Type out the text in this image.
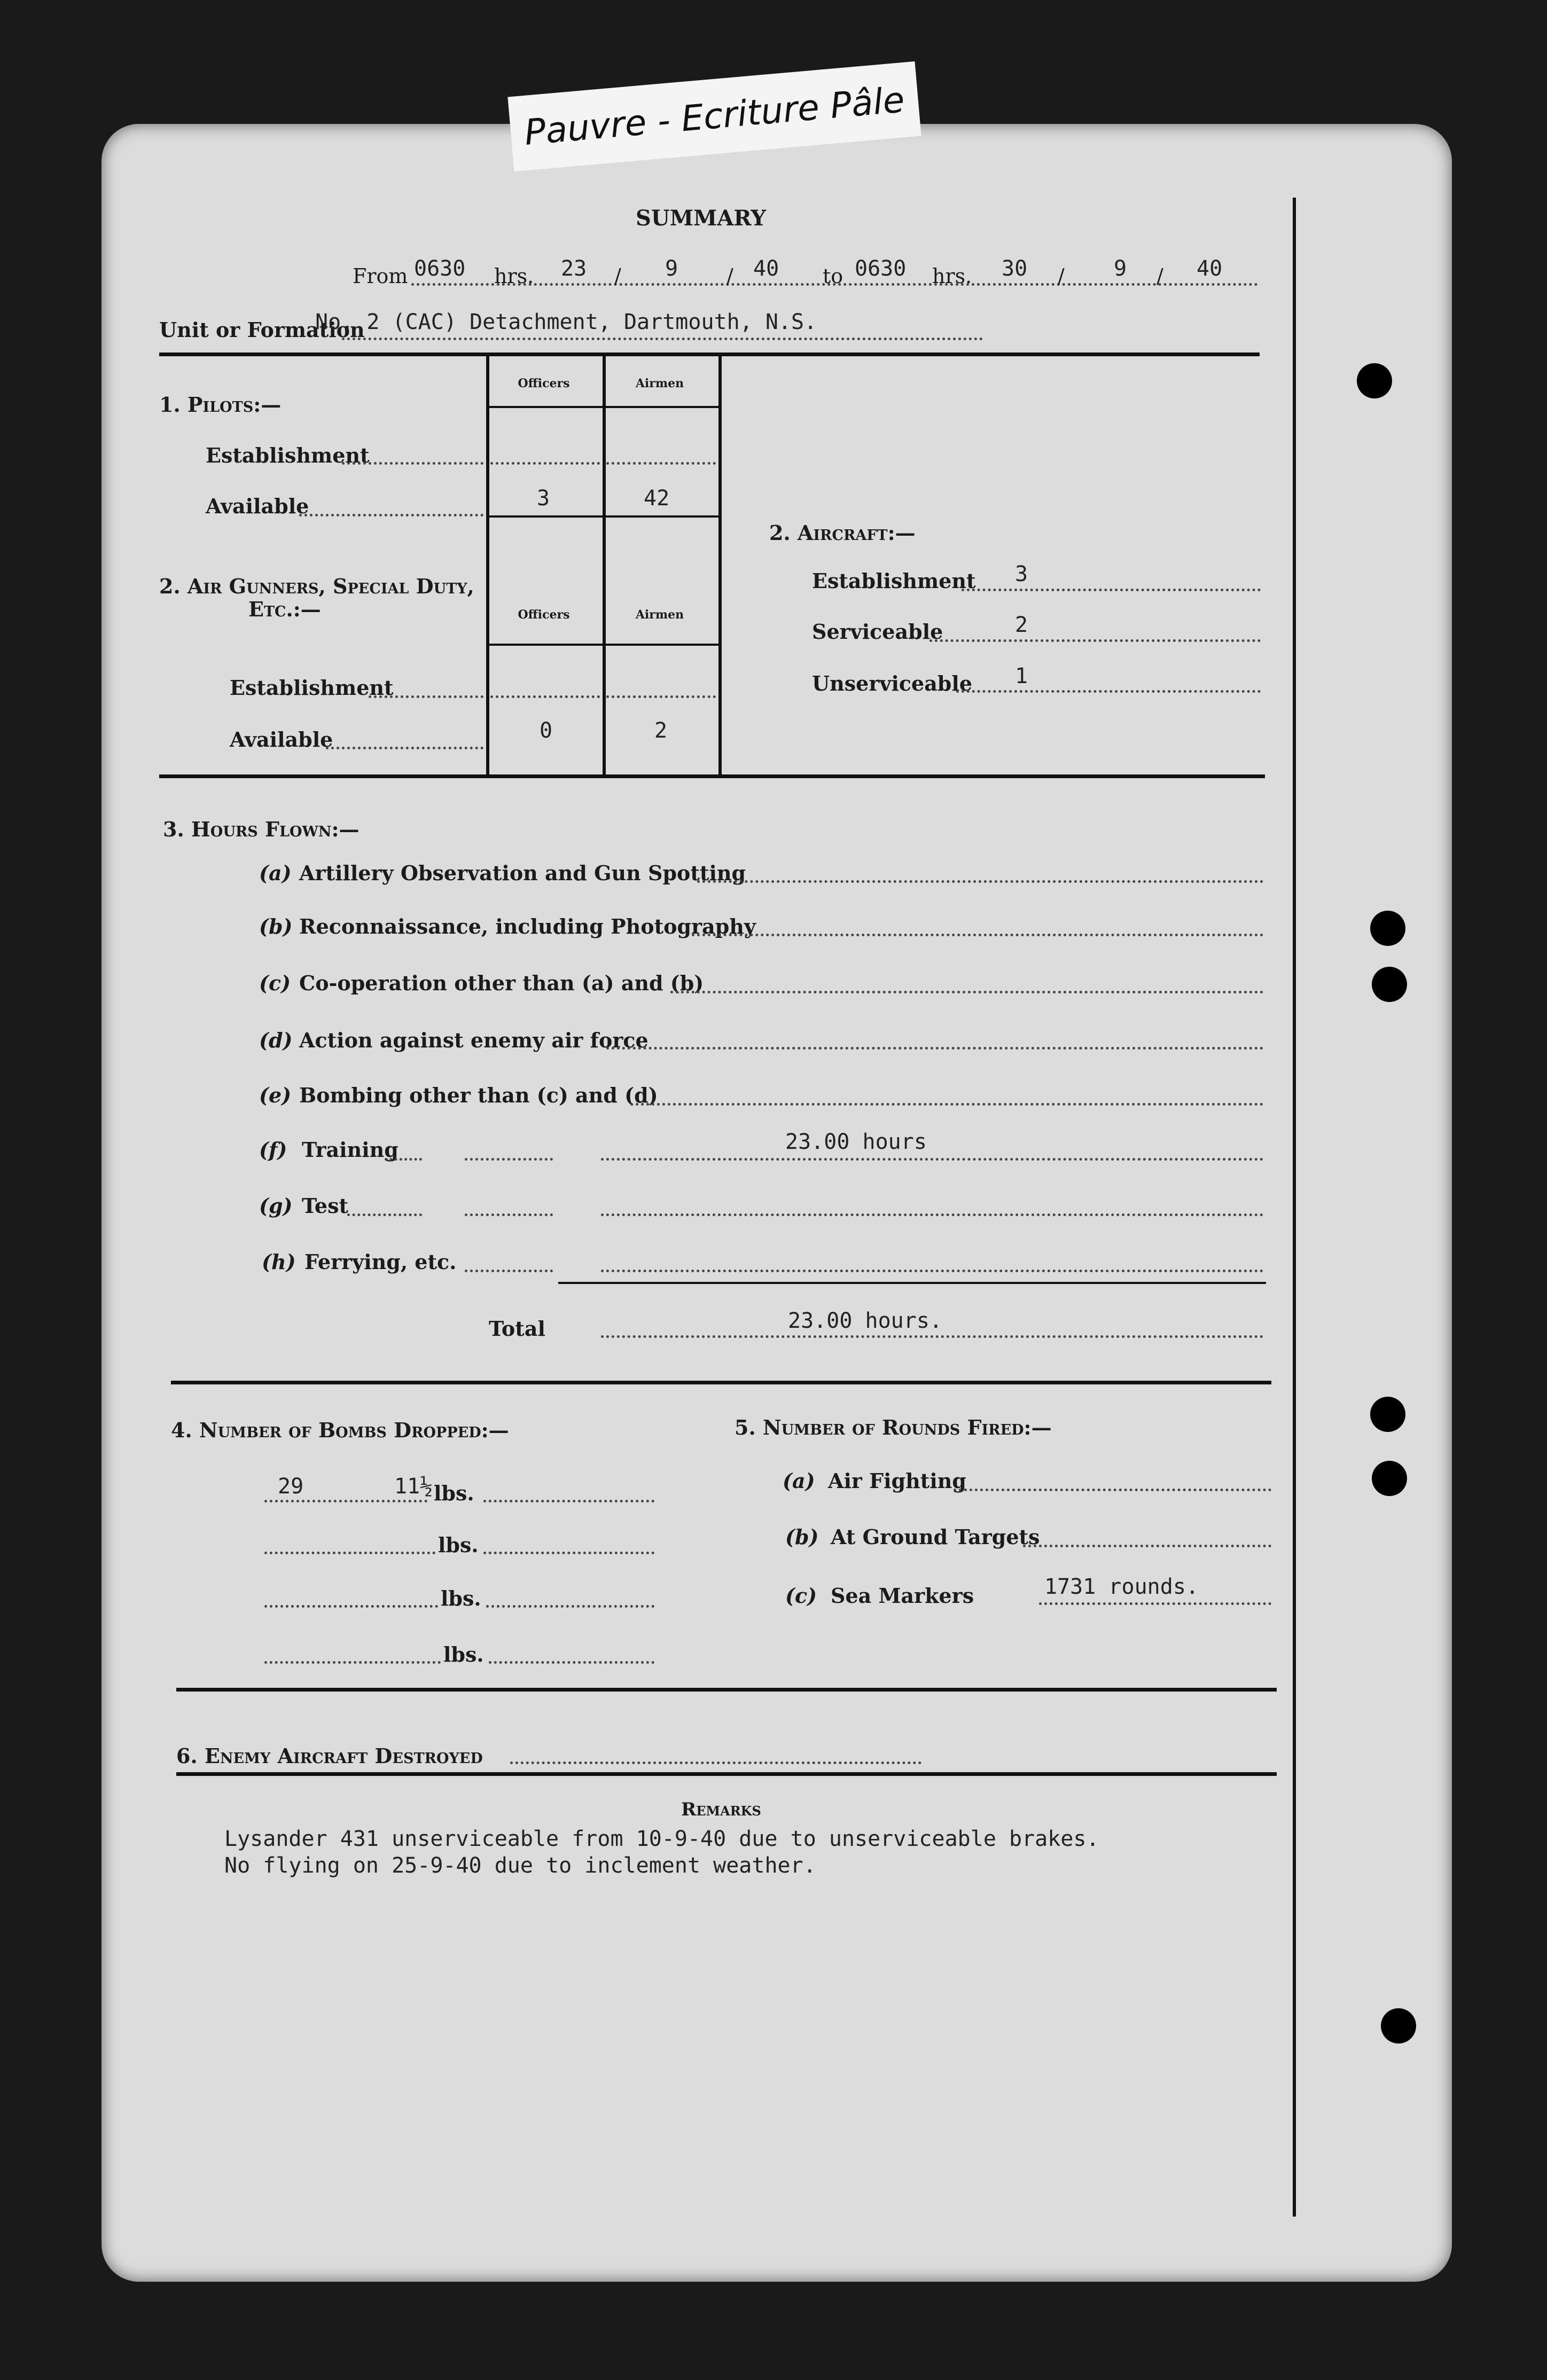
Pauvre - Ecriture Pâle
SUMMARY
From 0630 hrs. 23 / 9 / 40 to 0630 hrs. 30 / 9 / 40
Unit or Formation
No. 2 (CAC) Detachment, Dartmouth, N.S.
1. Pilots:—
Officers	Airmen
Establishment
Available	3	42
2. Air Gunners, Special Duty,
Etc.:—	Officers	Airmen
Establishment
Available	0	2
2. Aircraft:—
Establishment 3
Serviceable	2
Unserviceable 1
3. Hours Flown:—
(a) Artillery Observation and Gun Spotting
(b) Reconnaissance, including Photography
(c) Co-operation other than (a) and (b)
(d) Action against enemy air force
(e) Bombing other than (c) and (d)
(f) Training	23.00 hours
(g) Test
(h) Ferrying, etc.
Total	23.00 hours.
4. Number of Bombs Dropped:—
29	11½ lbs.
lbs.
lbs.
lbs.
5. Number of Rounds Fired:—
(a) Air Fighting
(b) At Ground Targets
(c) Sea Markers	1731 rounds.
6. Enemy Aircraft Destroyed
Remarks
Lysander 431 unserviceable from 10-9-40 due to unserviceable brakes.
No flying on 25-9-40 due to inclement weather.
